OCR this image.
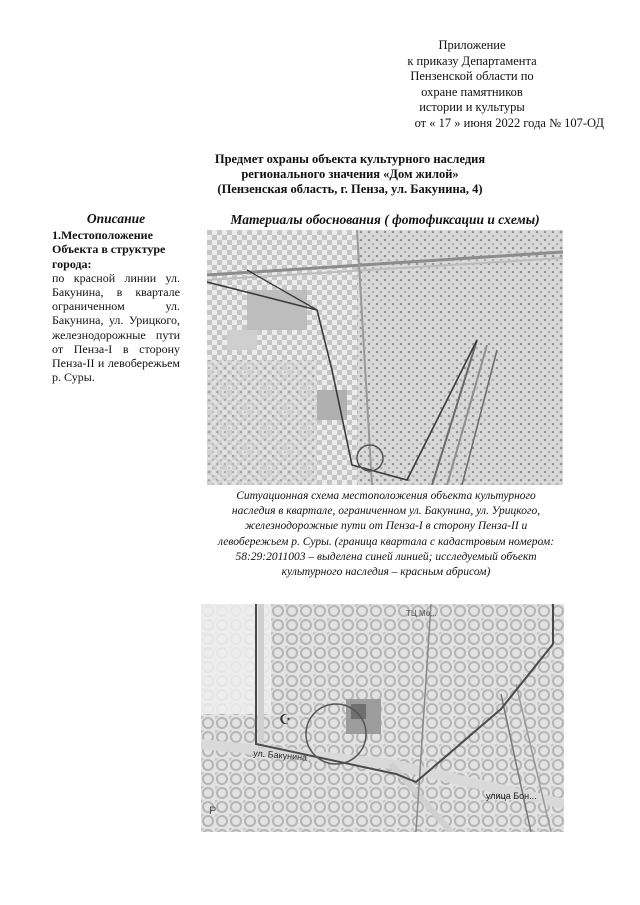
Приложение
к приказу Департамента
Пензенской области по
охране памятников
истории и культуры
от « 17 » июня 2022 года № 107-ОД
Предмет охраны объекта культурного наследия
регионального значения «Дом жилой»
(Пензенская область, г. Пенза, ул. Бакунина, 4)
Описание
1.Местоположение Объекта в структуре города:
по красной линии ул. Бакунина, в квартале ограниченном ул. Бакунина, ул. Урицкого, железнодорожные пути от Пенза-I в сторону Пенза-II и левобережьем р. Суры.
Материалы обоснования ( фотофиксации и схемы)
Ситуационная схема местоположения объекта культурного
наследия в квартале, ограниченном ул. Бакунина, ул. Урицкого,
железнодорожные пути от Пенза-I в сторону Пенза-II и
левобережьем р. Суры. (граница квартала с кадастровым номером:
58:29:2011003 – выделена синей линией; исследуемый объект
культурного наследия – красным абрисом)
☪
ул. Бакунина
улица Бон...
ТЦ Мо...
P
